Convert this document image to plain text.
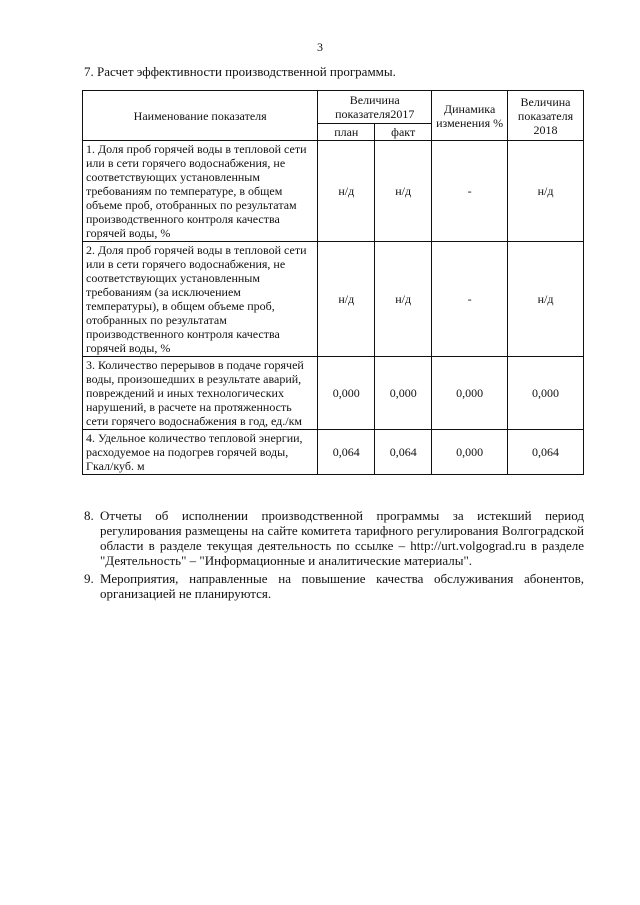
3
7. Расчет эффективности производственной программы.
Наименование показателя	Величина показателя2017		Динамика изменения %	Величина показателя 2018
	план	факт		
1. Доля проб горячей воды в тепловой сети или в сети горячего водоснабжения, не соответствующих установленным требованиям по температуре, в общем объеме проб, отобранных по результатам производственного контроля качества горячей воды, %	н/д	н/д	-	н/д
2. Доля проб горячей воды в тепловой сети или в сети горячего водоснабжения, не соответствующих установленным требованиям (за исключением температуры), в общем объеме проб, отобранных по результатам производственного контроля качества горячей воды, %	н/д	н/д	-	н/д
3. Количество перерывов в подаче горячей воды, произошедших в результате аварий, повреждений и иных технологических нарушений, в расчете на протяженность сети горячего водоснабжения в год, ед./км	0,000	0,000	0,000	0,000
4. Удельное количество тепловой энергии, расходуемое на подогрев горячей воды, Гкал/куб. м	0,064	0,064	0,000	0,064
8. Отчеты об исполнении производственной программы за истекший период регулирования размещены на сайте комитета тарифного регулирования Волгоградской области в разделе текущая деятельность по ссылке – http://urt.volgograd.ru в разделе "Деятельность" – "Информационные и аналитические материалы".
9. Мероприятия, направленные на повышение качества обслуживания абонентов, организацией не планируются.
